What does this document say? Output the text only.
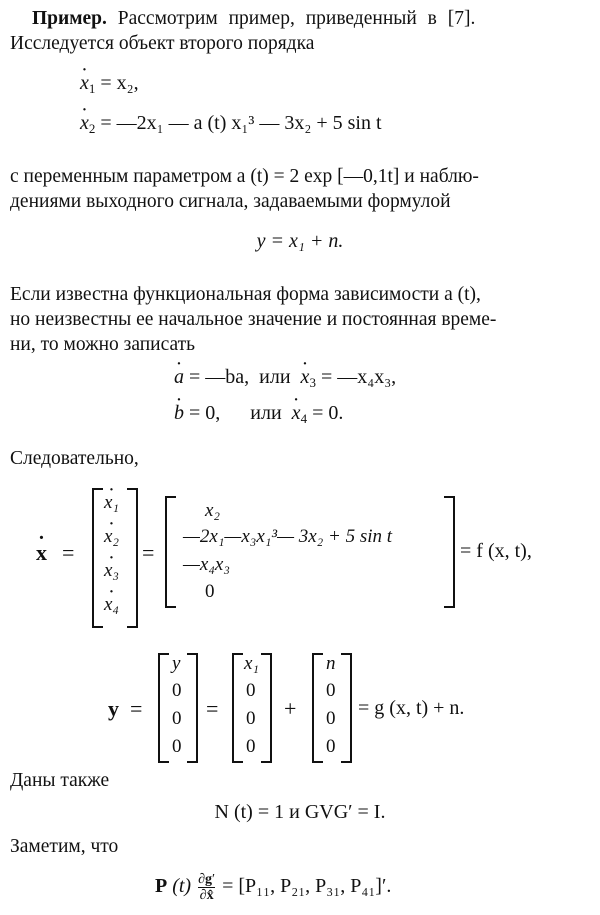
Пример. Рассмотрим пример, приведенный в [7].
Исследуется объект второго порядка
· $x_1 = x_2$,
· $x_2$ = —2x₁ — a (t) x₁³ — 3x₂ + 5 sin t
с переменным параметром a (t) = 2 exp [—0,1t] и наблю-
дениями выходного сигнала, задаваемыми формулой
y = x₁ + n.
Если известна функциональная форма зависимости a (t),
но неизвестны ее начальное значение и постоянная време-
ни, то можно записать
· a = —ba, или · $x_3$ = —x₄x₃,
· b = 0, или · $x_4 = 0$.
Следовательно,
· x =
· x₁
· x₂
· x₃
· x₄
=
x₂
—2x₁—x₃x₁³— 3x₂ + 5 sin t
—x₄x₃
0
= f (x, t),
y =
y
0
0
0
=
x₁
0
0
0
+
n
0
0
0
= g (x, t) + n.
Даны также
N (t) = 1 и GVG′ = I.
Заметим, что
P $(t) \frac{\partial g'}{\partial x̂} = [P_{11}$, P₂₁, P₃₁, P₄₁]′.
